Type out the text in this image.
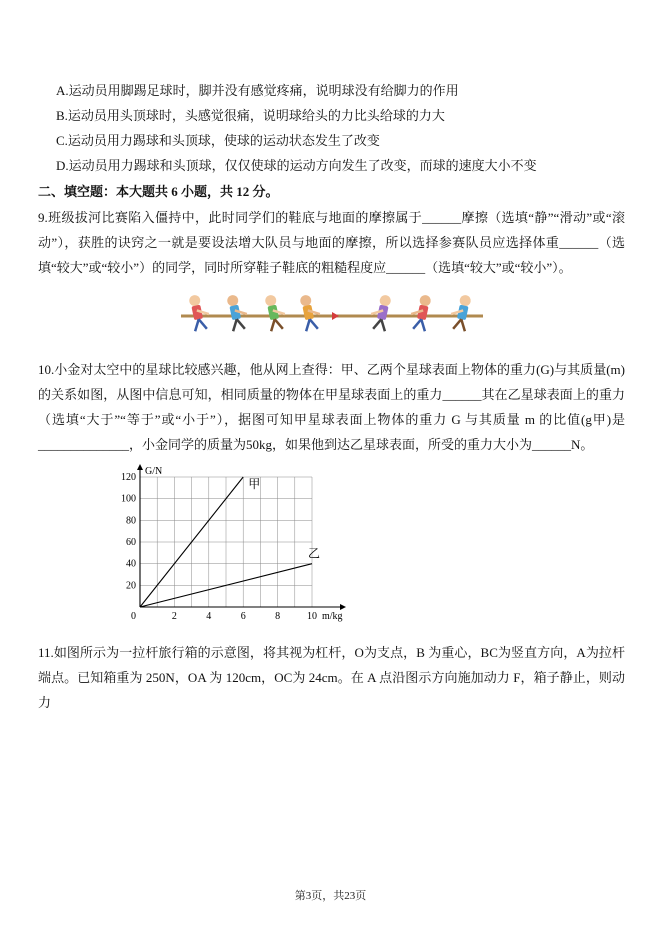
A.运动员用脚踢足球时，脚并没有感觉疼痛，说明球没有给脚力的作用

B.运动员用头顶球时，头感觉很痛，说明球给头的力比头给球的力大

C.运动员用力踢球和头顶球，使球的运动状态发生了改变

D.运动员用力踢球和头顶球，仅仅使球的运动方向发生了改变，而球的速度大小不变

二、填空题：本大题共 6 小题，共 12 分。

9.班级拔河比赛陷入僵持中，此时同学们的鞋底与地面的摩擦属于______摩擦（选填“静”“滑动”或“滚动”），获胜的诀窍之一就是要设法增大队员与地面的摩擦，所以选择参赛队员应选择体重______（选填“较大”或“较小”）的同学，同时所穿鞋子鞋底的粗糙程度应______（选填“较大”或“较小”）。

10.小金对太空中的星球比较感兴趣，他从网上查得：甲、乙两个星球表面上物体的重力(G)与其质量(m)的关系如图，从图中信息可知，相同质量的物体在甲星球表面上的重力______其在乙星球表面上的重力（选填“大于”“等于”或“小于”），据图可知甲星球表面上物体的重力 G 与其质量 m 的比值(g甲)是______________，小金同学的质量为50kg，如果他到达乙星球表面，所受的重力大小为______N。

2	4	6	8	10
20
40
60
80
100
120
0
G/N
m/kg
甲
乙

11.如图所示为一拉杆旅行箱的示意图，将其视为杠杆，O为支点，B 为重心，BC为竖直方向，A为拉杆端点。已知箱重为 250N，OA 为 120cm，OC为 24cm。在 A 点沿图示方向施加动力 F，箱子静止，则动力

第3页，共23页
